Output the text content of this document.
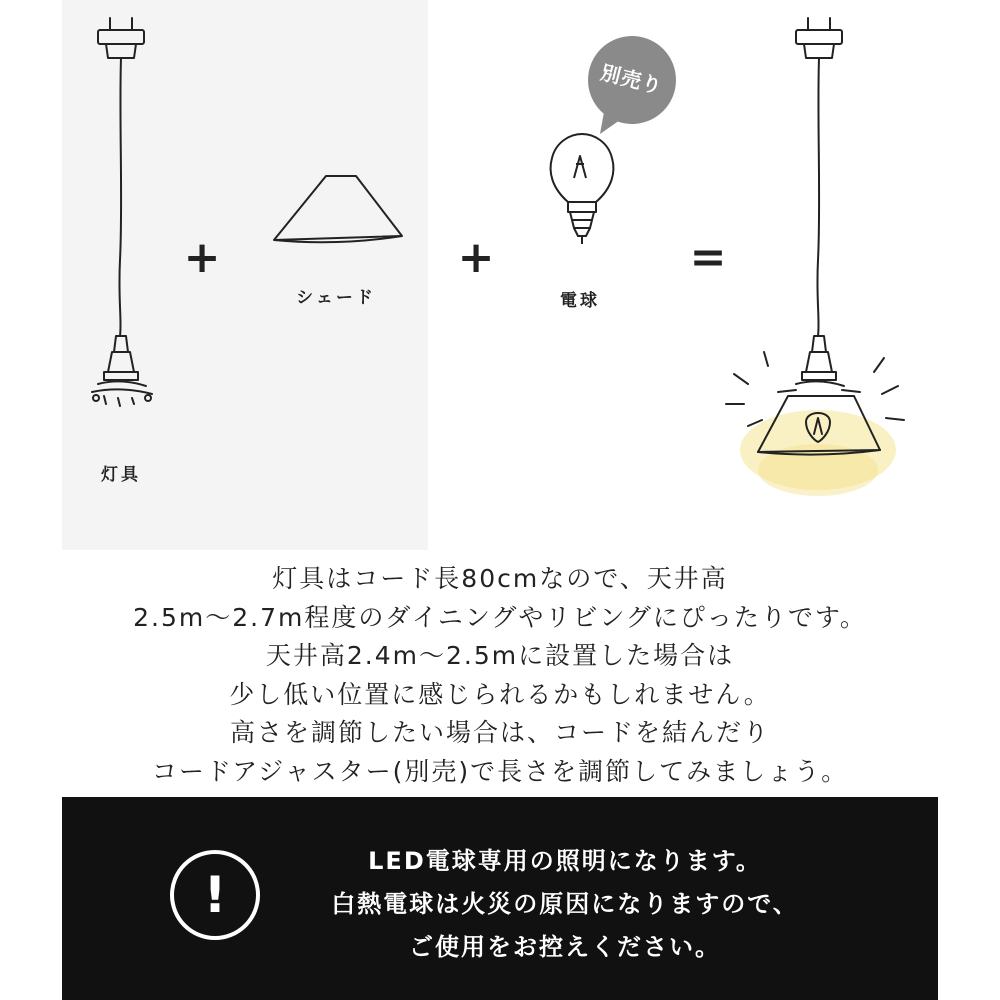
灯具
シェード	電球
別売り
+	+	=
灯具はコード長80cmなので、天井高
2.5m〜2.7m程度のダイニングやリビングにぴったりです。
天井高2.4m〜2.5mに設置した場合は
少し低い位置に感じられるかもしれません。
高さを調節したい場合は、コードを結んだり
コードアジャスター(別売)で長さを調節してみましょう。
!
LED電球専用の照明になります。
白熱電球は火災の原因になりますので、
ご使用をお控えください。
